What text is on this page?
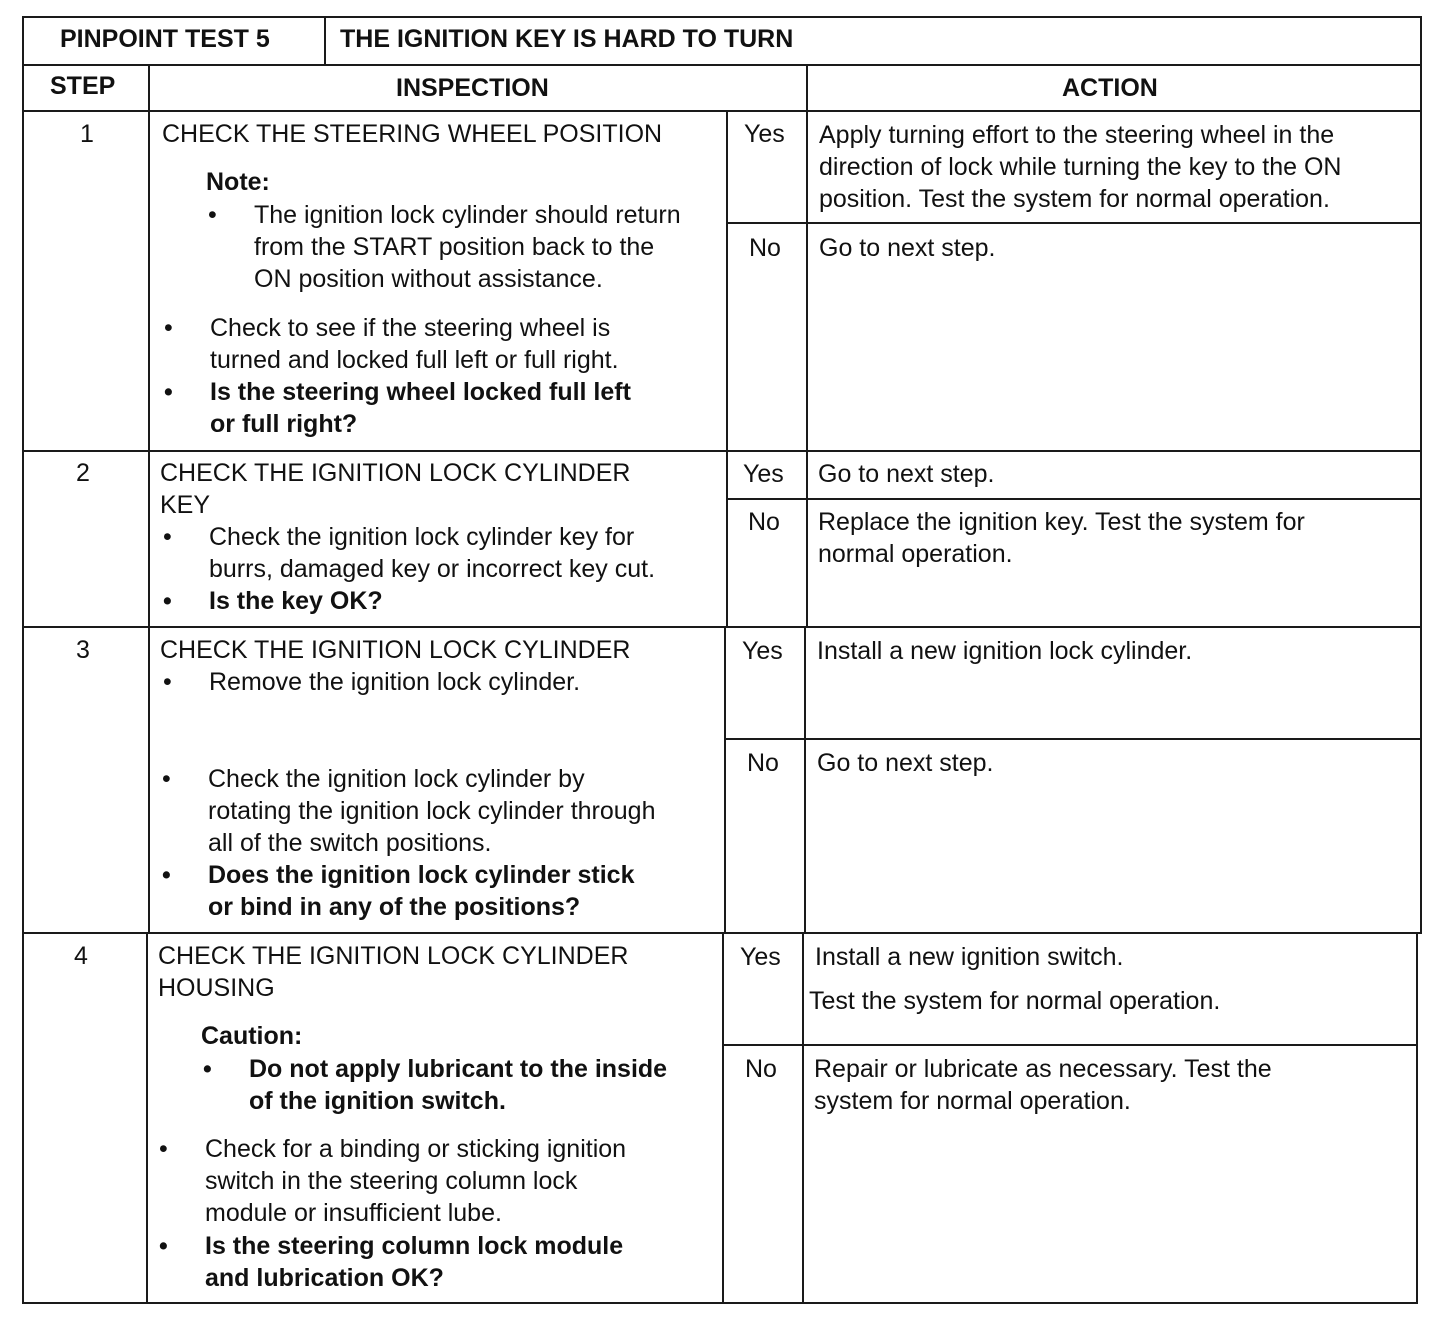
PINPOINT TEST 5	THE IGNITION KEY IS HARD TO TURN
STEP	INSPECTION	ACTION
1	CHECK THE STEERING WHEEL POSITION
Note:
• The ignition lock cylinder should return
from the START position back to the
ON position without assistance.
• Check to see if the steering wheel is
turned and locked full left or full right.
• Is the steering wheel locked full left
or full right?
Yes Apply turning effort to the steering wheel in the
direction of lock while turning the key to the ON
position. Test the system for normal operation.
No Go to next step.
2	CHECK THE IGNITION LOCK CYLINDER
KEY
• Check the ignition lock cylinder key for
burrs, damaged key or incorrect key cut.
• Is the key OK?
Yes Go to next step.
No Replace the ignition key. Test the system for
normal operation.
3	CHECK THE IGNITION LOCK CYLINDER
• Remove the ignition lock cylinder.
• Check the ignition lock cylinder by
rotating the ignition lock cylinder through
all of the switch positions.
• Does the ignition lock cylinder stick
or bind in any of the positions?
Yes Install a new ignition lock cylinder.
No Go to next step.
4	CHECK THE IGNITION LOCK CYLINDER
HOUSING
Caution:
• Do not apply lubricant to the inside
of the ignition switch.
• Check for a binding or sticking ignition
switch in the steering column lock
module or insufficient lube.
• Is the steering column lock module
and lubrication OK?
Yes Install a new ignition switch.
Test the system for normal operation.
No Repair or lubricate as necessary. Test the
system for normal operation.
